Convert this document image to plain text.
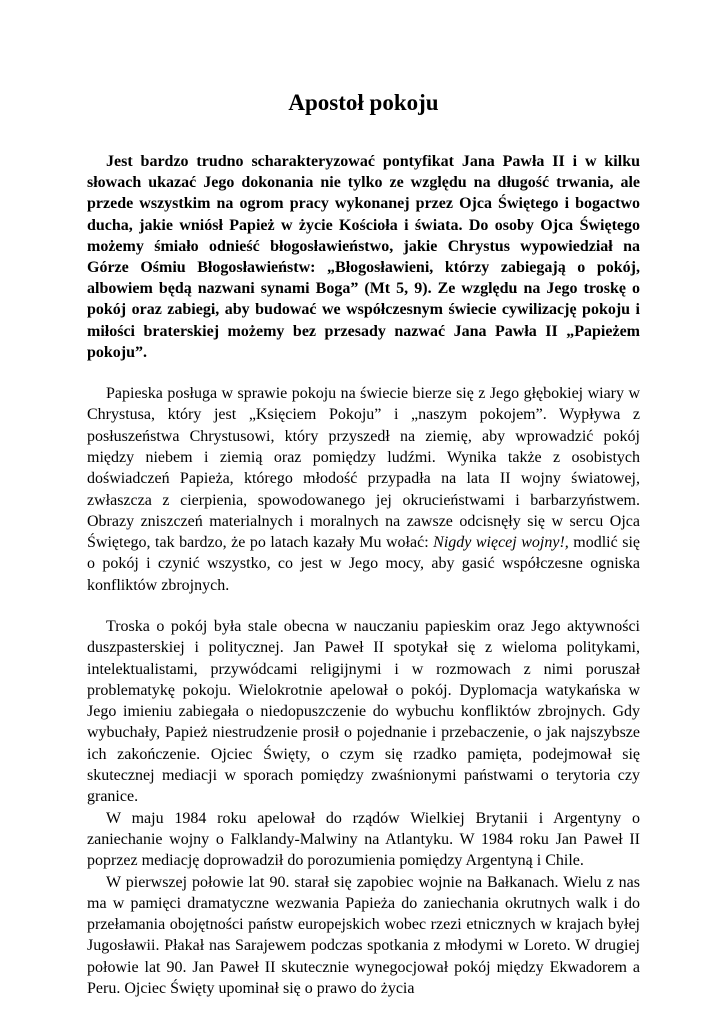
Apostoł pokoju

Jest bardzo trudno scharakteryzować pontyfikat Jana Pawła II i w kilku słowach ukazać Jego dokonania nie tylko ze względu na długość trwania, ale przede wszystkim na ogrom pracy wykonanej przez Ojca Świętego i bogactwo ducha, jakie wniósł Papież w życie Kościoła i świata. Do osoby Ojca Świętego możemy śmiało odnieść błogosławieństwo, jakie Chrystus wypowiedział na Górze Ośmiu Błogosławieństw: „Błogosławieni, którzy zabiegają o pokój, albowiem będą nazwani synami Boga” (Mt 5, 9). Ze względu na Jego troskę o pokój oraz zabiegi, aby budować we współczesnym świecie cywilizację pokoju i miłości braterskiej możemy bez przesady nazwać Jana Pawła II „Papieżem pokoju”.

Papieska posługa w sprawie pokoju na świecie bierze się z Jego głębokiej wiary w Chrystusa, który jest „Księciem Pokoju” i „naszym pokojem”. Wypływa z posłuszeństwa Chrystusowi, który przyszedł na ziemię, aby wprowadzić pokój między niebem i ziemią oraz pomiędzy ludźmi. Wynika także z osobistych doświadczeń Papieża, którego młodość przypadła na lata II wojny światowej, zwłaszcza z cierpienia, spowodowanego jej okrucieństwami i barbarzyństwem. Obrazy zniszczeń materialnych i moralnych na zawsze odcisnęły się w sercu Ojca Świętego, tak bardzo, że po latach kazały Mu wołać: Nigdy więcej wojny!, modlić się o pokój i czynić wszystko, co jest w Jego mocy, aby gasić współczesne ogniska konfliktów zbrojnych.

Troska o pokój była stale obecna w nauczaniu papieskim oraz Jego aktywności duszpasterskiej i politycznej. Jan Paweł II spotykał się z wieloma politykami, intelektualistami, przywódcami religijnymi i w rozmowach z nimi poruszał problematykę pokoju. Wielokrotnie apelował o pokój. Dyplomacja watykańska w Jego imieniu zabiegała o niedopuszczenie do wybuchu konfliktów zbrojnych. Gdy wybuchały, Papież niestrudzenie prosił o pojednanie i przebaczenie, o jak najszybsze ich zakończenie. Ojciec Święty, o czym się rzadko pamięta, podejmował się skutecznej mediacji w sporach pomiędzy zwaśnionymi państwami o terytoria czy granice.

W maju 1984 roku apelował do rządów Wielkiej Brytanii i Argentyny o zaniechanie wojny o Falklandy-Malwiny na Atlantyku. W 1984 roku Jan Paweł II poprzez mediację doprowadził do porozumienia pomiędzy Argentyną i Chile.

W pierwszej połowie lat 90. starał się zapobiec wojnie na Bałkanach. Wielu z nas ma w pamięci dramatyczne wezwania Papieża do zaniechania okrutnych walk i do przełamania obojętności państw europejskich wobec rzezi etnicznych w krajach byłej Jugosławii. Płakał nas Sarajewem podczas spotkania z młodymi w Loreto. W drugiej połowie lat 90. Jan Paweł II skutecznie wynegocjował pokój między Ekwadorem a Peru. Ojciec Święty upominał się o prawo do życia
